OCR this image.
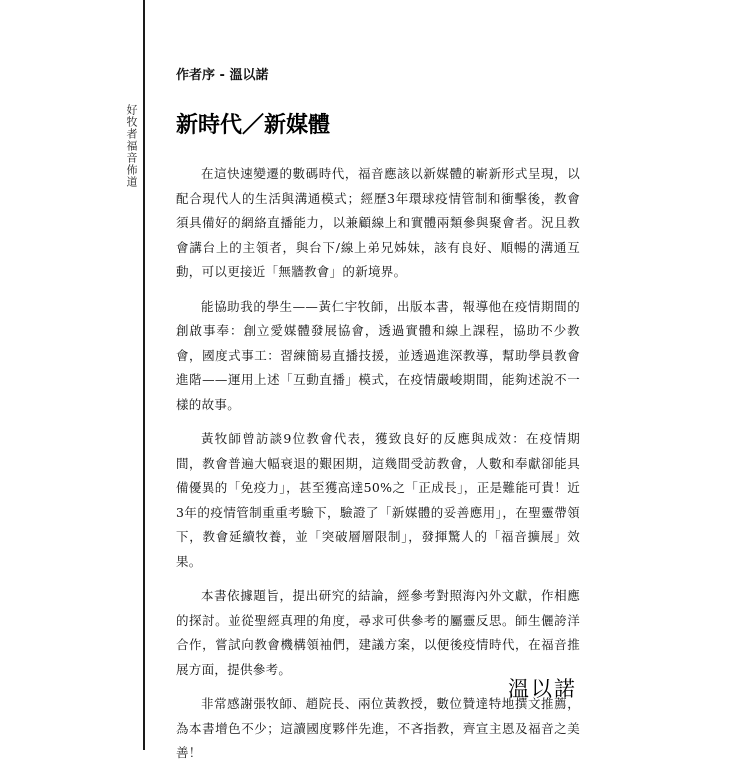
好牧者福音佈道
作者序 - 溫以諾
新時代／新媒體

在這快速變遷的數碼時代，福音應該以新媒體的嶄新形式呈現，以配合現代人的生活與溝通模式；經歷3年環球疫情管制和衝擊後，教會須具備好的網絡直播能力，以兼顧線上和實體兩類參與聚會者。況且教會講台上的主領者，與台下/線上弟兄姊妹，該有良好、順暢的溝通互動，可以更接近「無牆教會」的新境界。

能協助我的學生——黃仁宇牧師，出版本書，報導他在疫情期間的創啟事奉：創立愛媒體發展協會，透過實體和線上課程，協助不少教會，國度式事工：習練簡易直播技援，並透過進深教導，幫助學員教會進階——運用上述「互動直播」模式，在疫情嚴峻期間，能夠述說不一樣的故事。

黃牧師曾訪談9位教會代表，獲致良好的反應與成效：在疫情期間，教會普遍大幅衰退的艱困期，這幾間受訪教會，人數和奉獻卻能具備優異的「免疫力」，甚至獲高達50%之「正成長」，正是難能可貴！近3年的疫情管制重重考驗下，驗證了「新媒體的妥善應用」，在聖靈帶領下，教會延續牧養，並「突破層層限制」，發揮驚人的「福音擴展」效果。

本書依據題旨，提出研究的結論，經參考對照海內外文獻，作相應的探討。並從聖經真理的角度，尋求可供參考的屬靈反思。師生儷誇洋合作，嘗試向教會機構領袖們，建議方案，以便後疫情時代，在福音推展方面，提供參考。

非常感謝張牧師、趙院長、兩位黃教授，數位贊達特地撰文推薦，為本書增色不少；這讀國度夥伴先進，不吝指教，齊宣主恩及福音之美善！

溫以諾
